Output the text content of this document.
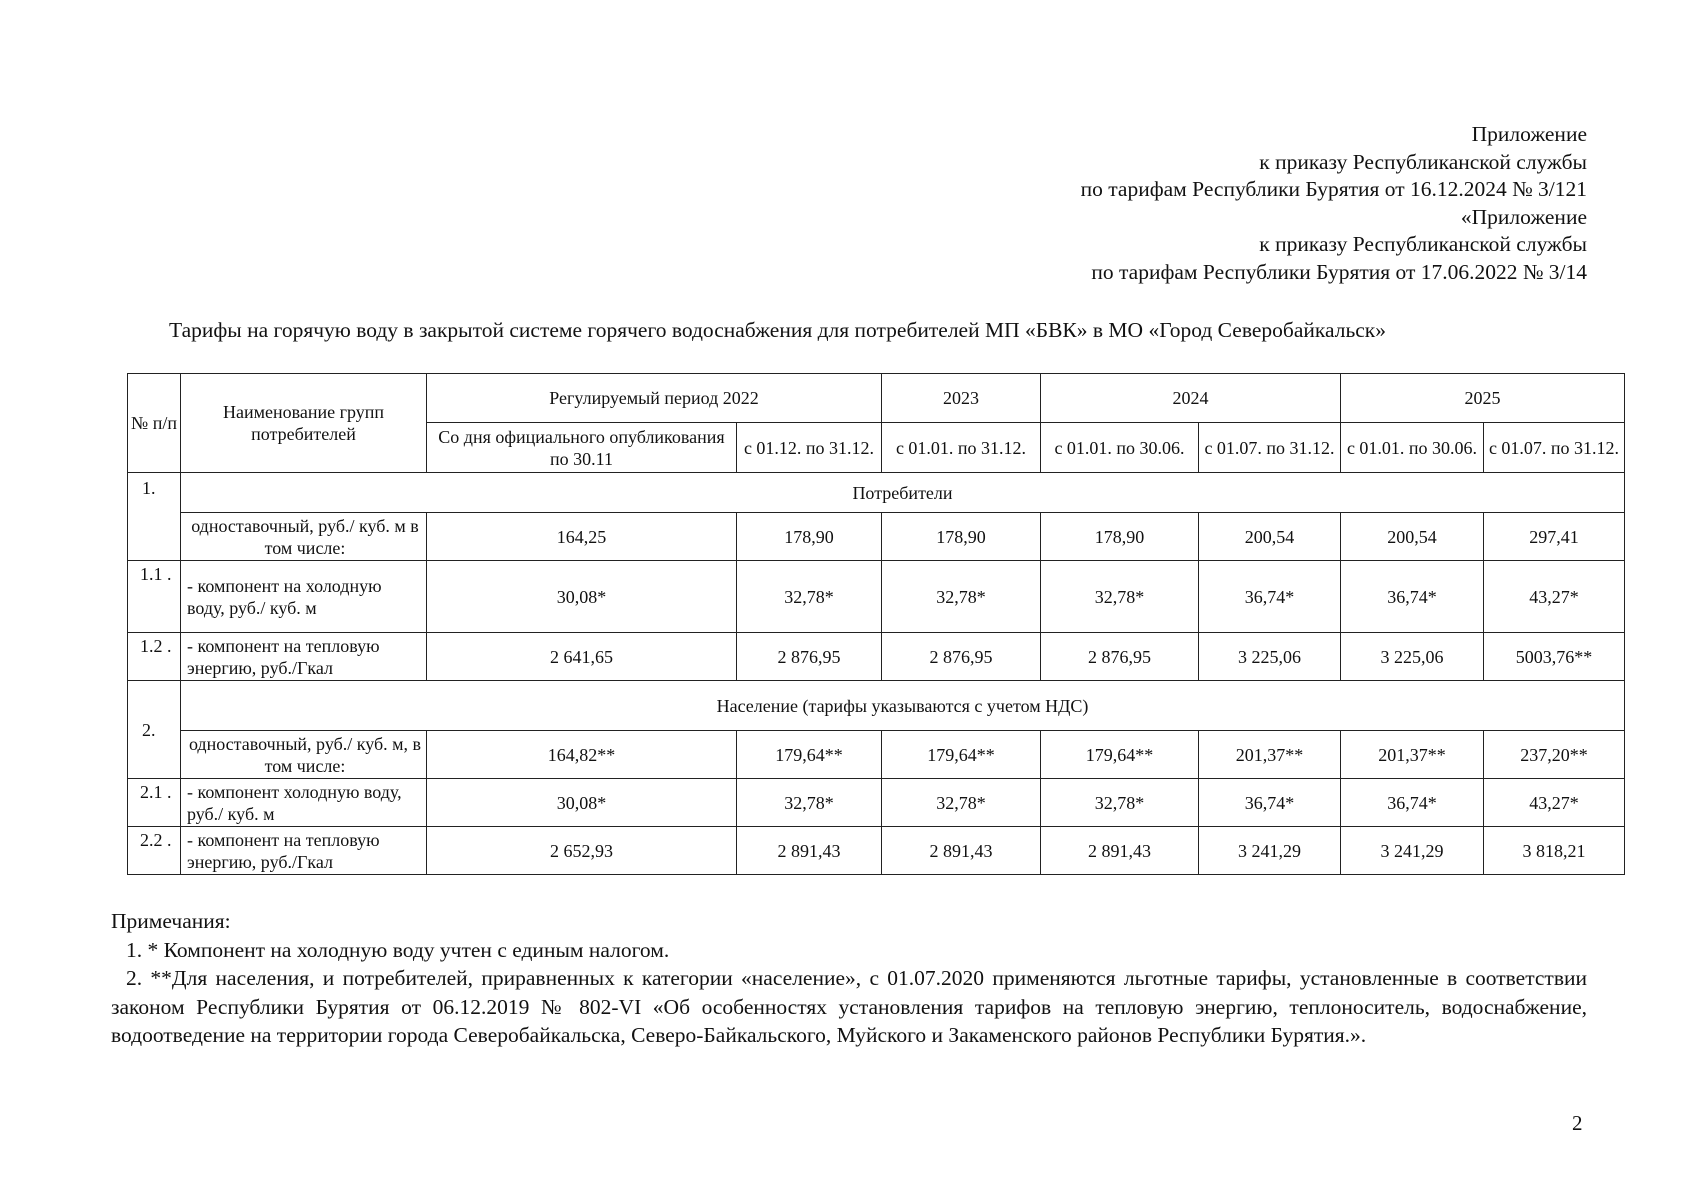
Приложение
к приказу Республиканской службы
по тарифам Республики Бурятия от 16.12.2024 № 3/121
«Приложение
к приказу Республиканской службы
по тарифам Республики Бурятия от 17.06.2022 № 3/14
Тарифы на горячую воду в закрытой системе горячего водоснабжения для потребителей МП «БВК» в МО «Город Северобайкальск»
№ п/п	Наименование групп потребителей	Регулируемый период 2022		2023	2024		2025	
		Со дня официального опубликования по 30.11	с 01.12. по 31.12.	с 01.01. по 31.12.	с 01.01. по 30.06.	с 01.07. по 31.12.	с 01.01. по 30.06.	с 01.07. по 31.12.
1.	Потребители							
	одноставочный, руб./ куб. м в том числе:	164,25	178,90	178,90	178,90	200,54	200,54	297,41
1.1 .	- компонент на холодную воду, руб./ куб. м	30,08*	32,78*	32,78*	32,78*	36,74*	36,74*	43,27*
1.2 .	- компонент на тепловую энергию, руб./Гкал	2 641,65	2 876,95	2 876,95	2 876,95	3 225,06	3 225,06	5003,76**
2.	Население (тарифы указываются с учетом НДС)							
	одноставочный, руб./ куб. м, в том числе:	164,82**	179,64**	179,64**	179,64**	201,37**	201,37**	237,20**
2.1 .	- компонент холодную воду, руб./ куб. м	30,08*	32,78*	32,78*	32,78*	36,74*	36,74*	43,27*
2.2 .	- компонент на тепловую энергию, руб./Гкал	2 652,93	2 891,43	2 891,43	2 891,43	3 241,29	3 241,29	3 818,21
Примечания:
1. * Компонент на холодную воду учтен с единым налогом.
2. **Для населения, и потребителей, приравненных к категории «население», с 01.07.2020 применяются льготные тарифы, установленные в соответствии законом Республики Бурятия от 06.12.2019 № 802-VI «Об особенностях установления тарифов на тепловую энергию, теплоноситель, водоснабжение, водоотведение на территории города Северобайкальска, Северо-Байкальского, Муйского и Закаменского районов Республики Бурятия.».
2
